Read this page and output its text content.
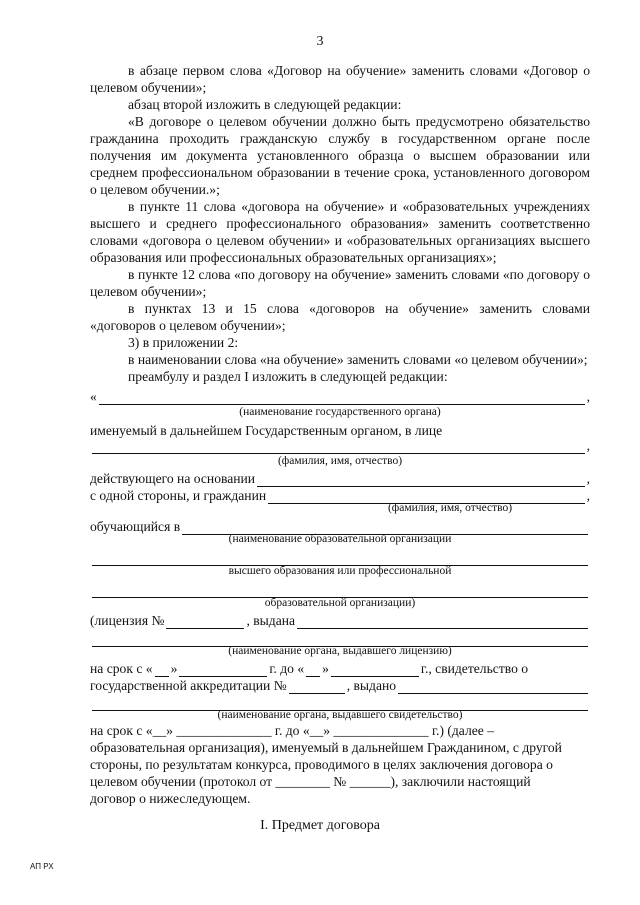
3

в абзаце первом слова «Договор на обучение» заменить словами «Договор о целевом обучении»;

абзац второй изложить в следующей редакции:

«В договоре о целевом обучении должно быть предусмотрено обязательство гражданина проходить гражданскую службу в государственном органе после получения им документа установленного образца о высшем образовании или среднем профессиональном образовании в течение срока, установленного договором о целевом обучении.»;

в пункте 11 слова «договора на обучение» и «образовательных учреждениях высшего и среднего профессионального образования» заменить соответственно словами «договора о целевом обучении» и «образовательных организациях высшего образования или профессиональных образовательных организациях»;

в пункте 12 слова «по договору на обучение» заменить словами «по договору о целевом обучении»;

в пунктах 13 и 15 слова «договоров на обучение» заменить словами «договоров о целевом обучении»;

3) в приложении 2:

в наименовании слова «на обучение» заменить словами «о целевом обучении»;

преамбулу и раздел I изложить в следующей редакции:

«	,
(наименование государственного органа)
именуемый в дальнейшем Государственным органом, в лице
,
(фамилия, имя, отчество)
действующего на основании	,
с одной стороны, и гражданин	,
(фамилия, имя, отчество)
обучающийся в
(наименование образовательной организации
высшего образования или профессиональной
образовательной организации)
(лицензия №	, выдана
(наименование органа, выдавшего лицензию)
на срок с « »	г. до « »	г., свидетельство о
государственной аккредитации №	, выдано
(наименование органа, выдавшего свидетельство)

на срок с «__» ______________ г. до «__» ______________ г.) (далее –

образовательная организация), именуемый в дальнейшем Гражданином, с другой

стороны, по результатам конкурса, проводимого в целях заключения договора о

целевом обучении (протокол от ________ № ______), заключили настоящий

договор о нижеследующем.

I. Предмет договора
АП РХ
